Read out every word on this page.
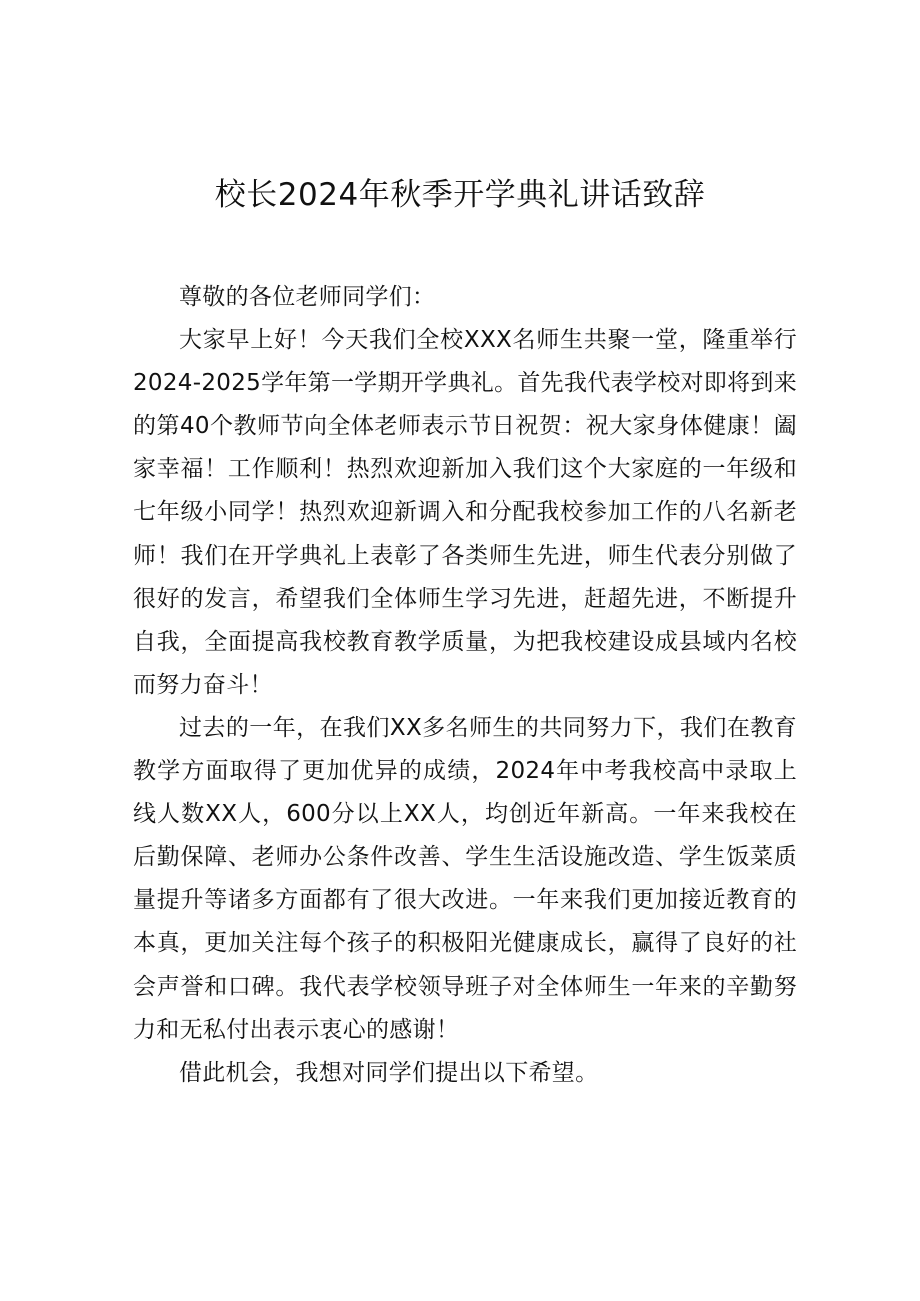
校长2024年秋季开学典礼讲话致辞

尊敬的各位老师同学们：

大家早上好！今天我们全校XXX名师生共聚一堂，隆重举行2024-2025学年第一学期开学典礼。首先我代表学校对即将到来的第40个教师节向全体老师表示节日祝贺：祝大家身体健康！阖家幸福！工作顺利！热烈欢迎新加入我们这个大家庭的一年级和七年级小同学！热烈欢迎新调入和分配我校参加工作的八名新老师！我们在开学典礼上表彰了各类师生先进，师生代表分别做了很好的发言，希望我们全体师生学习先进，赶超先进，不断提升自我，全面提高我校教育教学质量，为把我校建设成县域内名校而努力奋斗！

过去的一年，在我们XX多名师生的共同努力下，我们在教育教学方面取得了更加优异的成绩，2024年中考我校高中录取上线人数XX人，600分以上XX人，均创近年新高。一年来我校在后勤保障、老师办公条件改善、学生生活设施改造、学生饭菜质量提升等诸多方面都有了很大改进。一年来我们更加接近教育的本真，更加关注每个孩子的积极阳光健康成长，赢得了良好的社会声誉和口碑。我代表学校领导班子对全体师生一年来的辛勤努力和无私付出表示衷心的感谢！

借此机会，我想对同学们提出以下希望。
